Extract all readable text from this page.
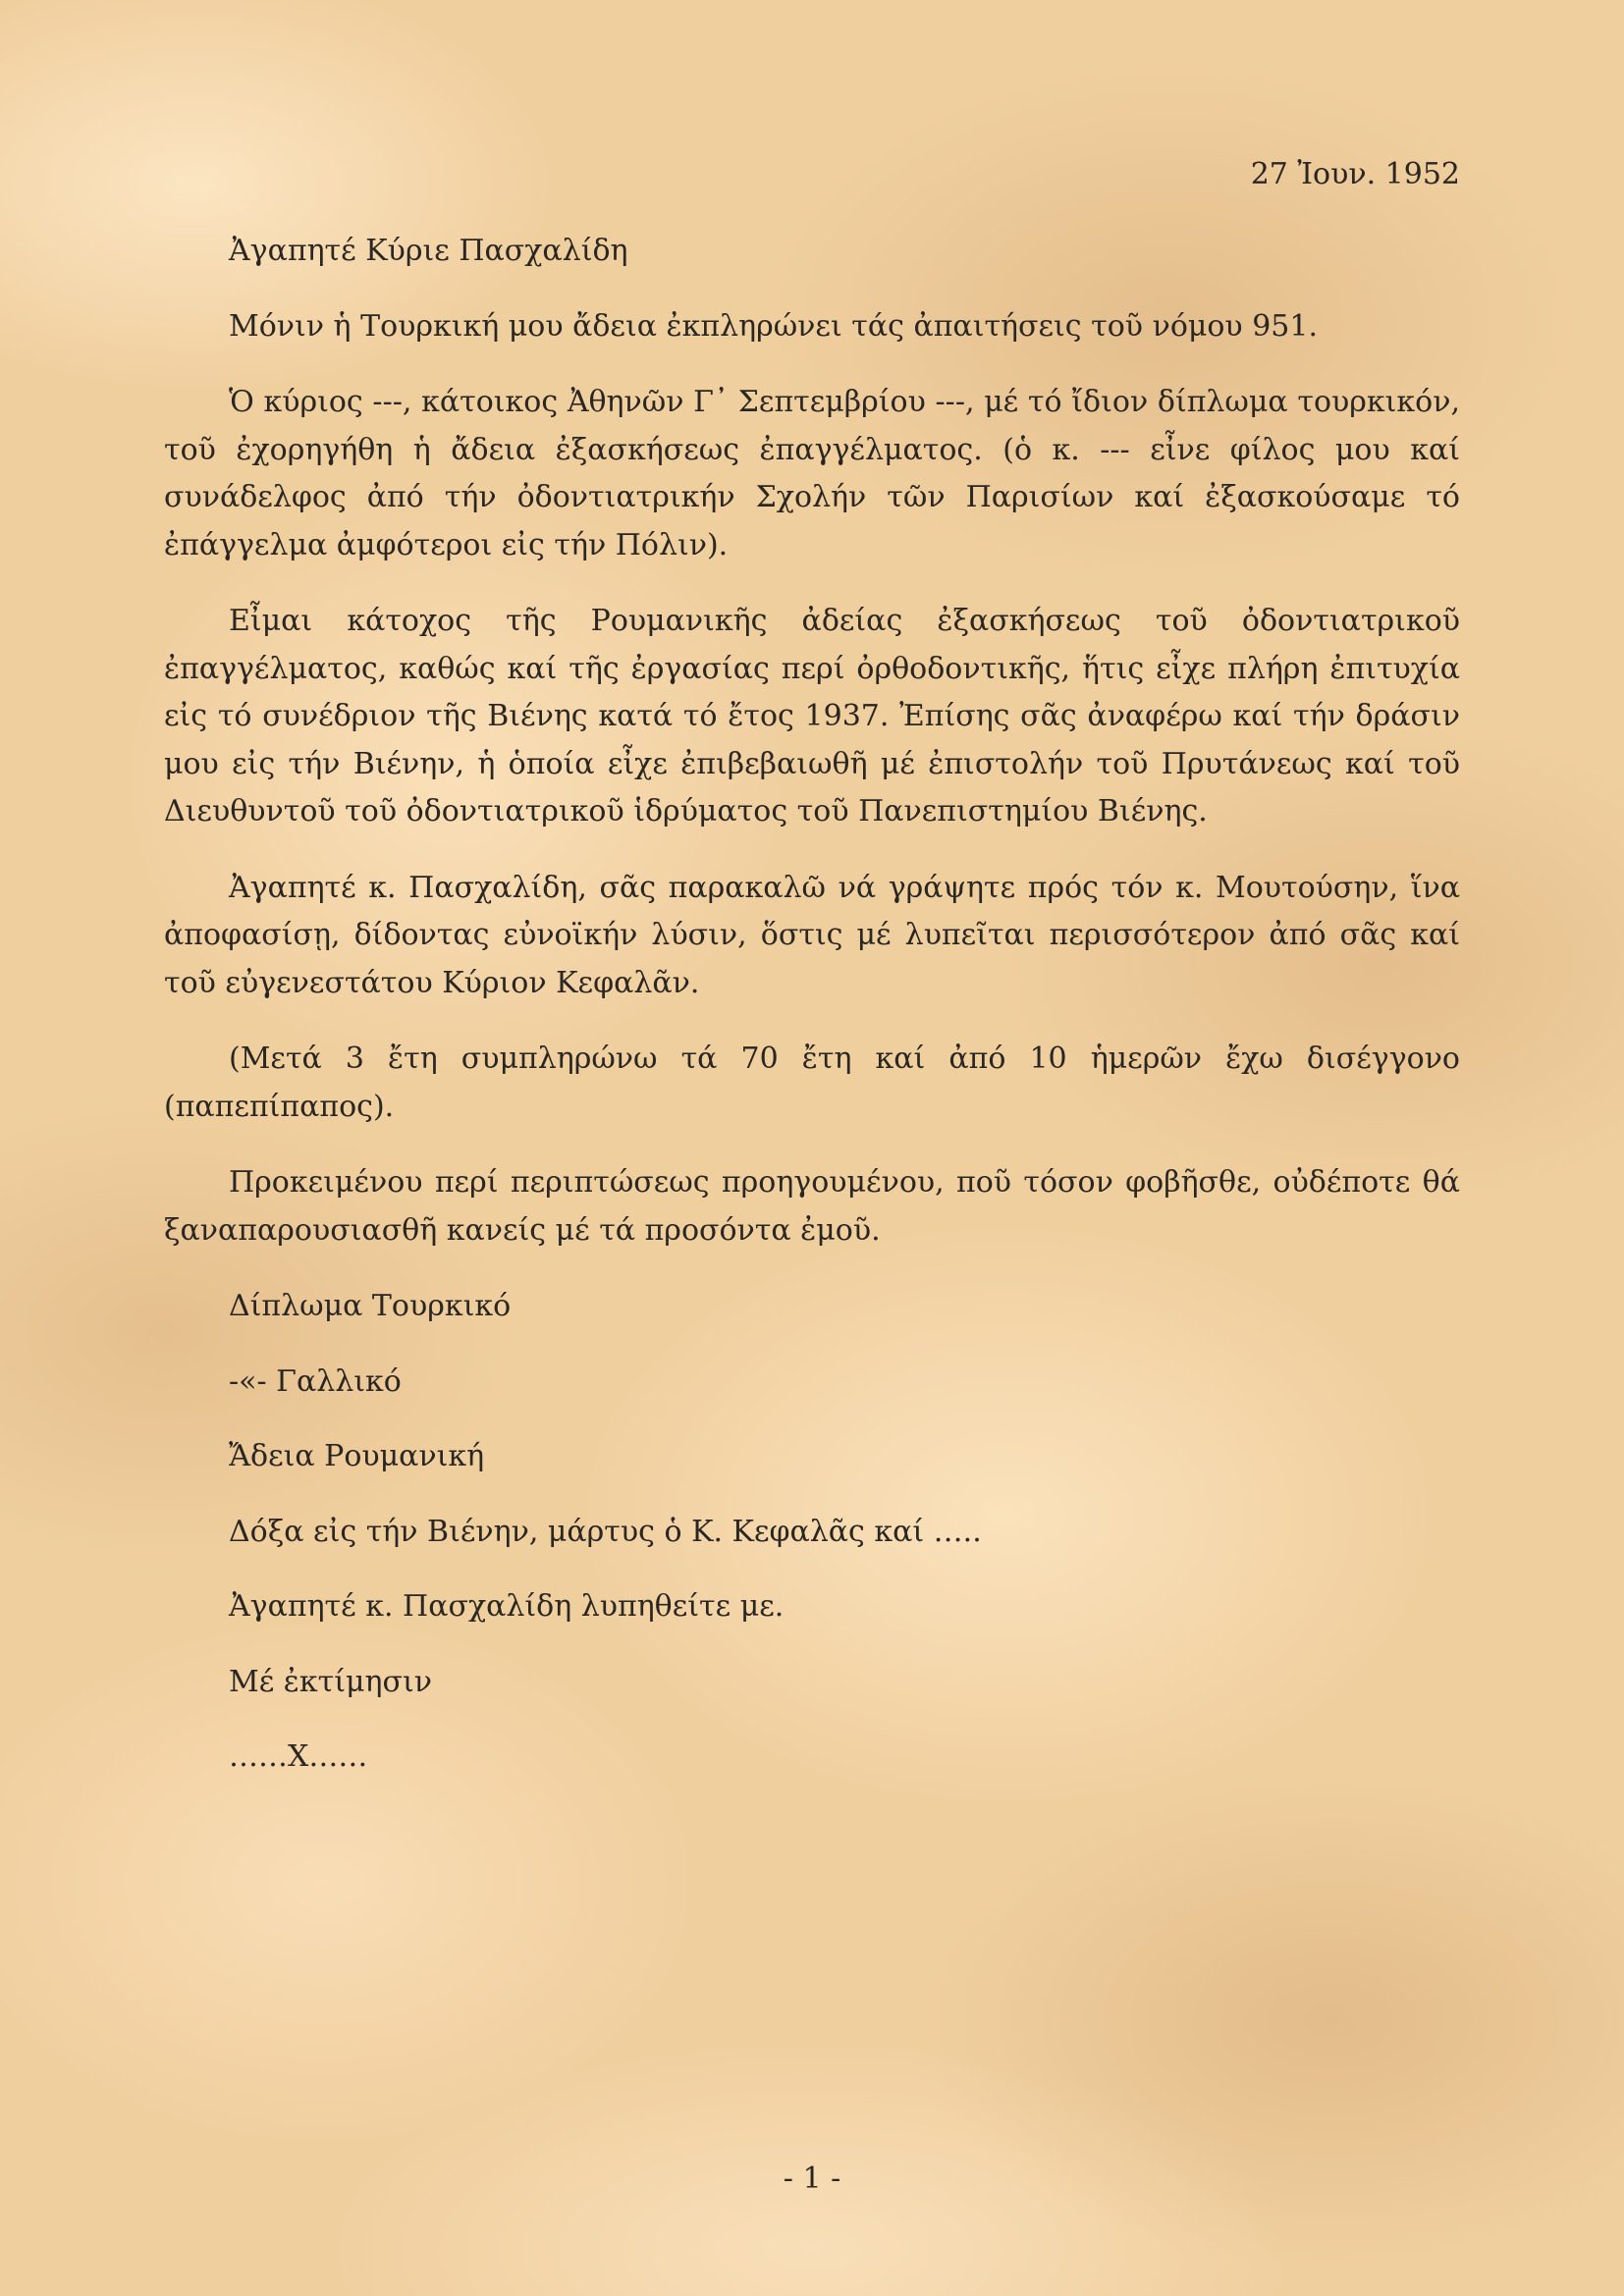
27 Ἰουν. 1952

Ἀγαπητέ Κύριε Πασχαλίδη

Μόνιν ἡ Τουρκική μου ἄδεια ἐκπληρώνει τάς ἀπαιτήσεις τοῦ νόμου 951.

Ὁ κύριος ---, κάτοικος Ἀθηνῶν Γ᾽ Σεπτεμβρίου ---, μέ τό ἴδιον δίπλωμα τουρκικόν, τοῦ ἐχορηγήθη ἡ ἄδεια ἐξασκήσεως ἐπαγγέλματος. (ὁ κ. --- εἶνε φίλος μου καί συνάδελφος ἀπό τήν ὀδοντιατρικήν Σχολήν τῶν Παρισίων καί ἐξασκούσαμε τό ἐπάγγελμα ἀμφότεροι εἰς τήν Πόλιν).

Εἶμαι κάτοχος τῆς Ρουμανικῆς ἀδείας ἐξασκήσεως τοῦ ὀδοντιατρικοῦ ἐπαγγέλματος, καθώς καί τῆς ἐργασίας περί ὀρθοδοντικῆς, ἥτις εἶχε πλήρη ἐπιτυχία εἰς τό συνέδριον τῆς Βιένης κατά τό ἔτος 1937. Ἐπίσης σᾶς ἀναφέρω καί τήν δράσιν μου εἰς τήν Βιένην, ἡ ὁποία εἶχε ἐπιβεβαιωθῆ μέ ἐπιστολήν τοῦ Πρυτάνεως καί τοῦ Διευθυντοῦ τοῦ ὀδοντιατρικοῦ ἱδρύματος τοῦ Πανεπιστημίου Βιένης.

Ἀγαπητέ κ. Πασχαλίδη, σᾶς παρακαλῶ νά γράψητε πρός τόν κ. Μουτούσην, ἵνα ἀποφασίσῃ, δίδοντας εὐνοϊκήν λύσιν, ὅστις μέ λυπεῖται περισσότερον ἀπό σᾶς καί τοῦ εὐγενεστάτου Κύριον Κεφαλᾶν.

(Μετά 3 ἔτη συμπληρώνω τά 70 ἔτη καί ἀπό 10 ἡμερῶν ἔχω δισέγγονο (παπεπίπαπος).

Προκειμένου περί περιπτώσεως προηγουμένου, ποῦ τόσον φοβῆσθε, οὐδέποτε θά ξαναπαρουσιασθῆ κανείς μέ τά προσόντα ἐμοῦ.

Δίπλωμα Τουρκικό

-«- Γαλλικό

Ἄδεια Ρουμανική

Δόξα εἰς τήν Βιένην, μάρτυς ὁ Κ. Κεφαλᾶς καί …..

Ἀγαπητέ κ. Πασχαλίδη λυπηθείτε με.

Μέ ἐκτίμησιν

……Χ……

- 1 -
